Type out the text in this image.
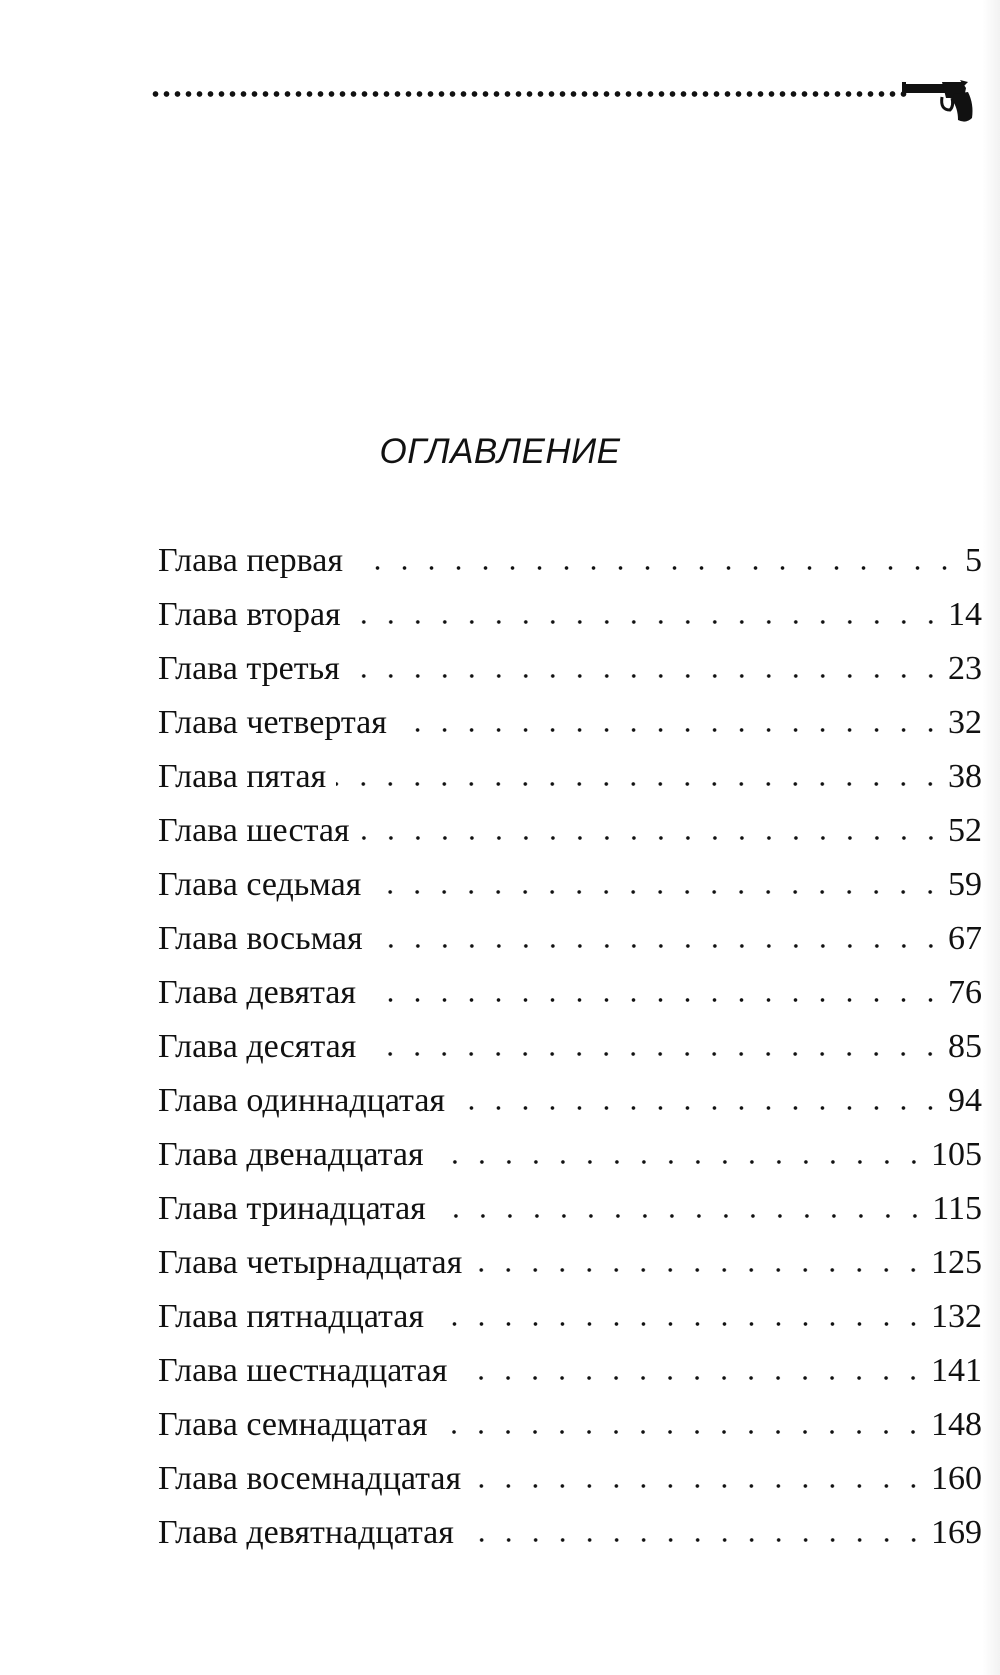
ОГЛАВЛЕНИЕ
Глава первая	5
Глава вторая	14
Глава третья	23
Глава четвертая	32
Глава пятая	38
Глава шестая	52
Глава седьмая	59
Глава восьмая	67
Глава девятая	76
Глава десятая	85
Глава одиннадцатая	94
Глава двенадцатая	105
Глава тринадцатая	115
Глава четырнадцатая	125
Глава пятнадцатая	132
Глава шестнадцатая	141
Глава семнадцатая	148
Глава восемнадцатая	160
Глава девятнадцатая	169
